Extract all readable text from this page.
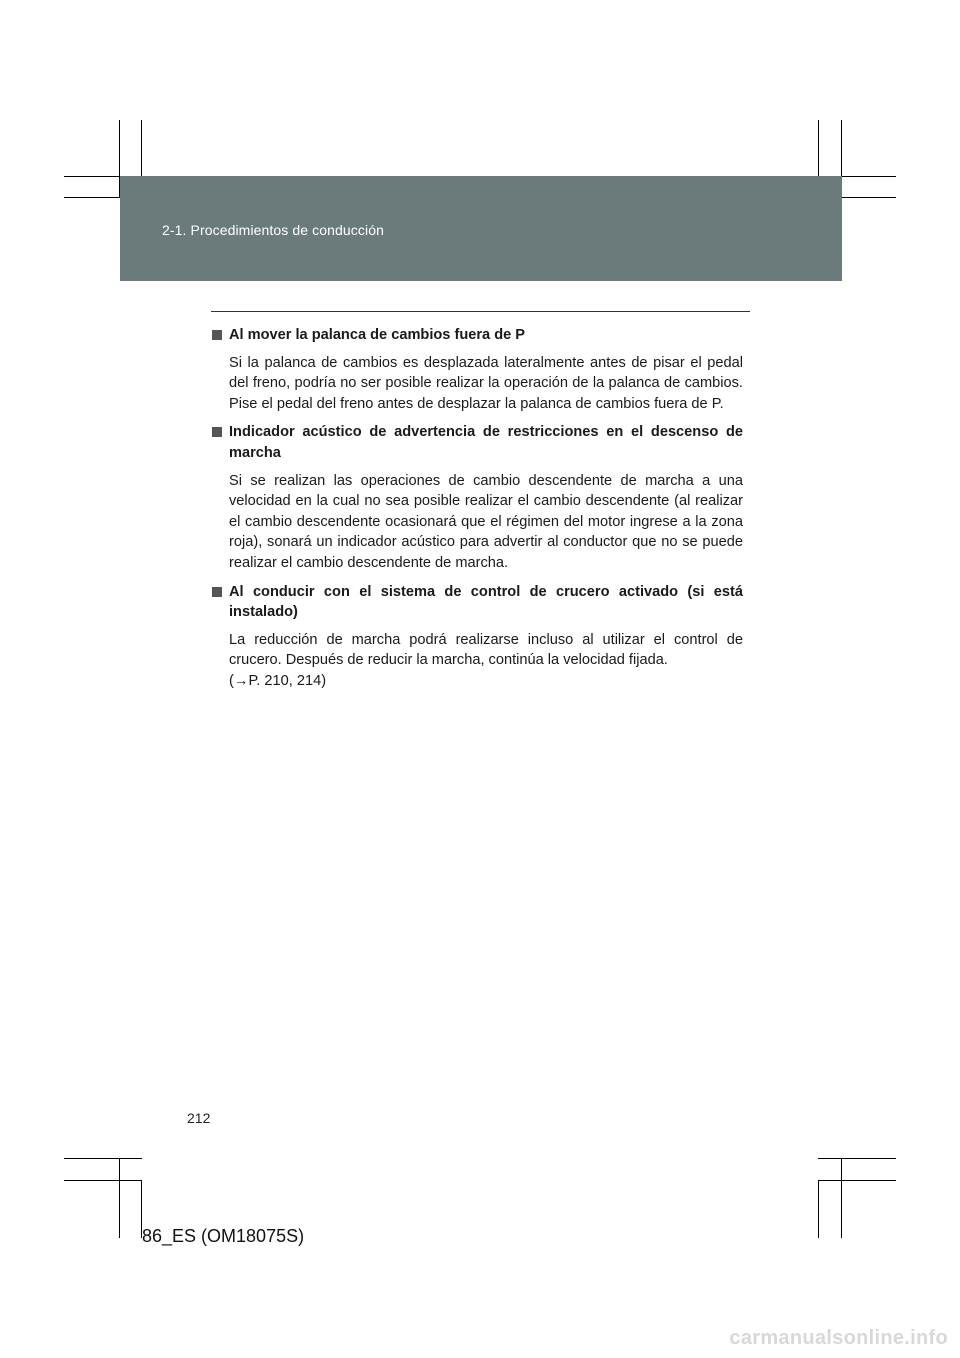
2-1. Procedimientos de conducción
Al mover la palanca de cambios fuera de P
Si la palanca de cambios es desplazada lateralmente antes de pisar el pedal del freno, podría no ser posible realizar la operación de la palanca de cambios. Pise el pedal del freno antes de desplazar la palanca de cambios fuera de P.
Indicador acústico de advertencia de restricciones en el descenso de marcha
Si se realizan las operaciones de cambio descendente de marcha a una velocidad en la cual no sea posible realizar el cambio descendente (al realizar el cambio descendente ocasionará que el régimen del motor ingrese a la zona roja), sonará un indicador acústico para advertir al conductor que no se puede realizar el cambio descendente de marcha.
Al conducir con el sistema de control de crucero activado (si está instalado)
La reducción de marcha podrá realizarse incluso al utilizar el control de crucero. Después de reducir la marcha, continúa la velocidad fijada.
(→P. 210, 214)
212
86_ES (OM18075S)
carmanualsonline.info
